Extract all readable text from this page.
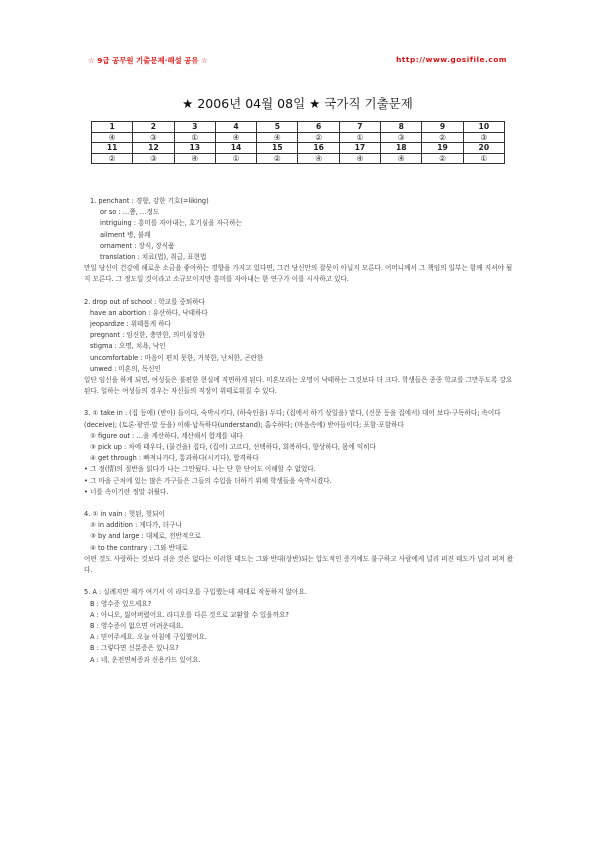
☆ 9급 공무원 기출문제·해설 공유 ☆	http://www.gosifile.com
★ 2006년 04월 08일 ★ 국가직 기출문제
1	2	3	4	5	6	7	8	9	10
④	③	①	④	④	②	①	③	②	③
11	12	13	14	15	16	17	18	19	20
②	③	④	①	②	④	④	④	②	①

1. penchant : 경향, 강한 기호(=liking)

or so : …쯤, …정도

intriguing : 흥미를 자아내는, 호기심을 자극하는

ailment 병, 불쾌

ornament : 장식, 장식품

translation : 치료(법), 취급, 표현법

만일 당신이 건강에 해로운 소금을 좋아하는 경향을 가지고 있다면, 그건 당신만의 잘못이 아닐지 모른다. 어머니께서 그 책임의 일부는 함께 지셔야 될지 모른다. 그 정도일 것이라고 소규모이지만 흥미를 자아내는 한 연구가 이를 시사하고 있다.

2. drop out of school : 학교를 중퇴하다

have an abortion : 유산하다, 낙태하다

jeopardize : 위태롭게 하다

pregnant : 임신한, 충만한, 의미심장한

stigma : 오명, 치욕, 낙인

uncomfortable : 마음이 편치 못한, 거북한, 난처한, 곤란한

unwed : 미혼의, 독신인

일단 임신을 하게 되면, 여성들은 불편한 현실에 직면하게 된다. 미혼모라는 오명이 낙태하는 그것보다 더 크다. 학생들은 종종 학교를 그만두도록 강요된다. 일하는 여성들의 경우는 자신들의 직장이 위태로워질 수 있다.

3. ① take in : (집 등에) (받아) 들이다, 숙박시키다, (하숙인을) 두다; (집에서 하기 삯일을) 맡다, (신문 등을 집에서) 대어 보다·구독하다; 속이다(deceive); (토론·광연·말 등을) 이해·납득하다(understand); 흡수하다; (마음속에) 받아들이다; 포함·포함하다

② figure out : …을 계산하다, 계산해서 합계를 내다

③ pick up : 차에 태우다, (물건을) 집다, (집어) 고르다, 선택하다, 회복하다, 향상하다, 몸에 익히다

④ get through : 빠져나가다, 통과하다(시키다), 합격하다

• 그 정(情)의 절반을 읽다가 나는 그만뒀다. 나는 단 한 단어도 이해할 수 없었다.

• 그 마을 근처에 있는 많은 가구들은 그들의 수입을 더하기 위해 학생들을 숙박시켰다.

• 너를 속이기란 정말 쉬웠다.

4. ① in vain : 헛된, 헛되이

② in addition : 게다가, 더구나

③ by and large : 대체로, 전반적으로

④ to the contrary : 그와 반대로

어떤 것도 사랑하는 것보다 쉬운 것은 없다는 이러한 태도는 그와 반대(상반)되는 압도적인 증거에도 불구하고 사람에게 널리 퍼진 태도가 널리 퍼져 왔다.

5. A : 실례지만 제가 여기서 이 라디오를 구입했는데 제대로 작동하지 않아요.

B : 영수증 있으세요?

A : 아니오, 잃어버렸어요. 라디오를 다른 것으로 교환할 수 있을까요?

B : 영수증이 없으면 어려운데요.

A : 믿어주세요. 오늘 아침에 구입했어요.

B : 그렇다면 신분증은 있나요?

A : 네, 운전면허증과 신용카드 있어요.
